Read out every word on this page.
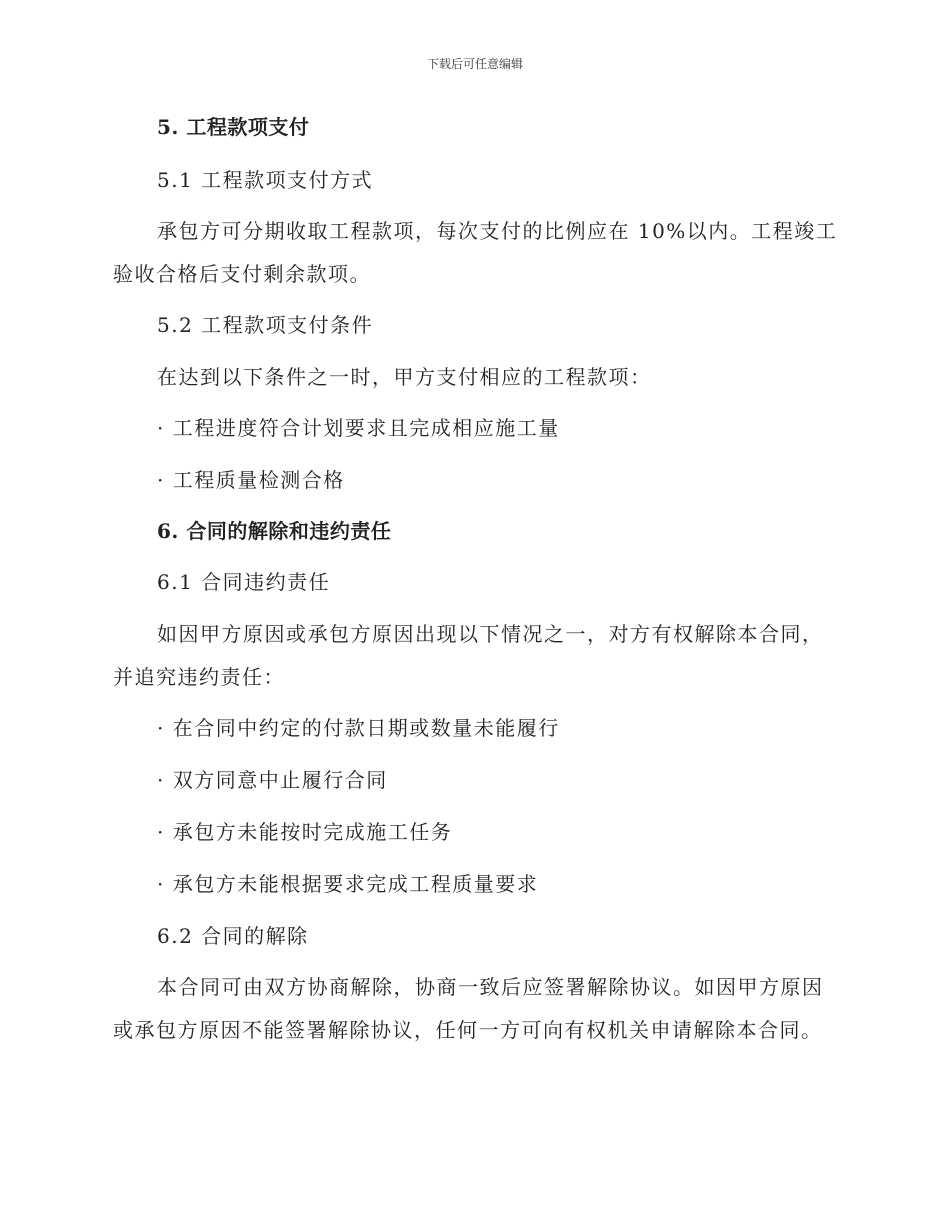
下载后可任意编辑
5. 工程款项支付
5.1 工程款项支付方式
承包方可分期收取工程款项，每次支付的比例应在 10%以内。工程竣工
验收合格后支付剩余款项。
5.2 工程款项支付条件
在达到以下条件之一时，甲方支付相应的工程款项：
· 工程进度符合计划要求且完成相应施工量
· 工程质量检测合格
6. 合同的解除和违约责任
6.1 合同违约责任
如因甲方原因或承包方原因出现以下情况之一，对方有权解除本合同，
并追究违约责任：
· 在合同中约定的付款日期或数量未能履行
· 双方同意中止履行合同
· 承包方未能按时完成施工任务
· 承包方未能根据要求完成工程质量要求
6.2 合同的解除
本合同可由双方协商解除，协商一致后应签署解除协议。如因甲方原因
或承包方原因不能签署解除协议，任何一方可向有权机关申请解除本合同。
